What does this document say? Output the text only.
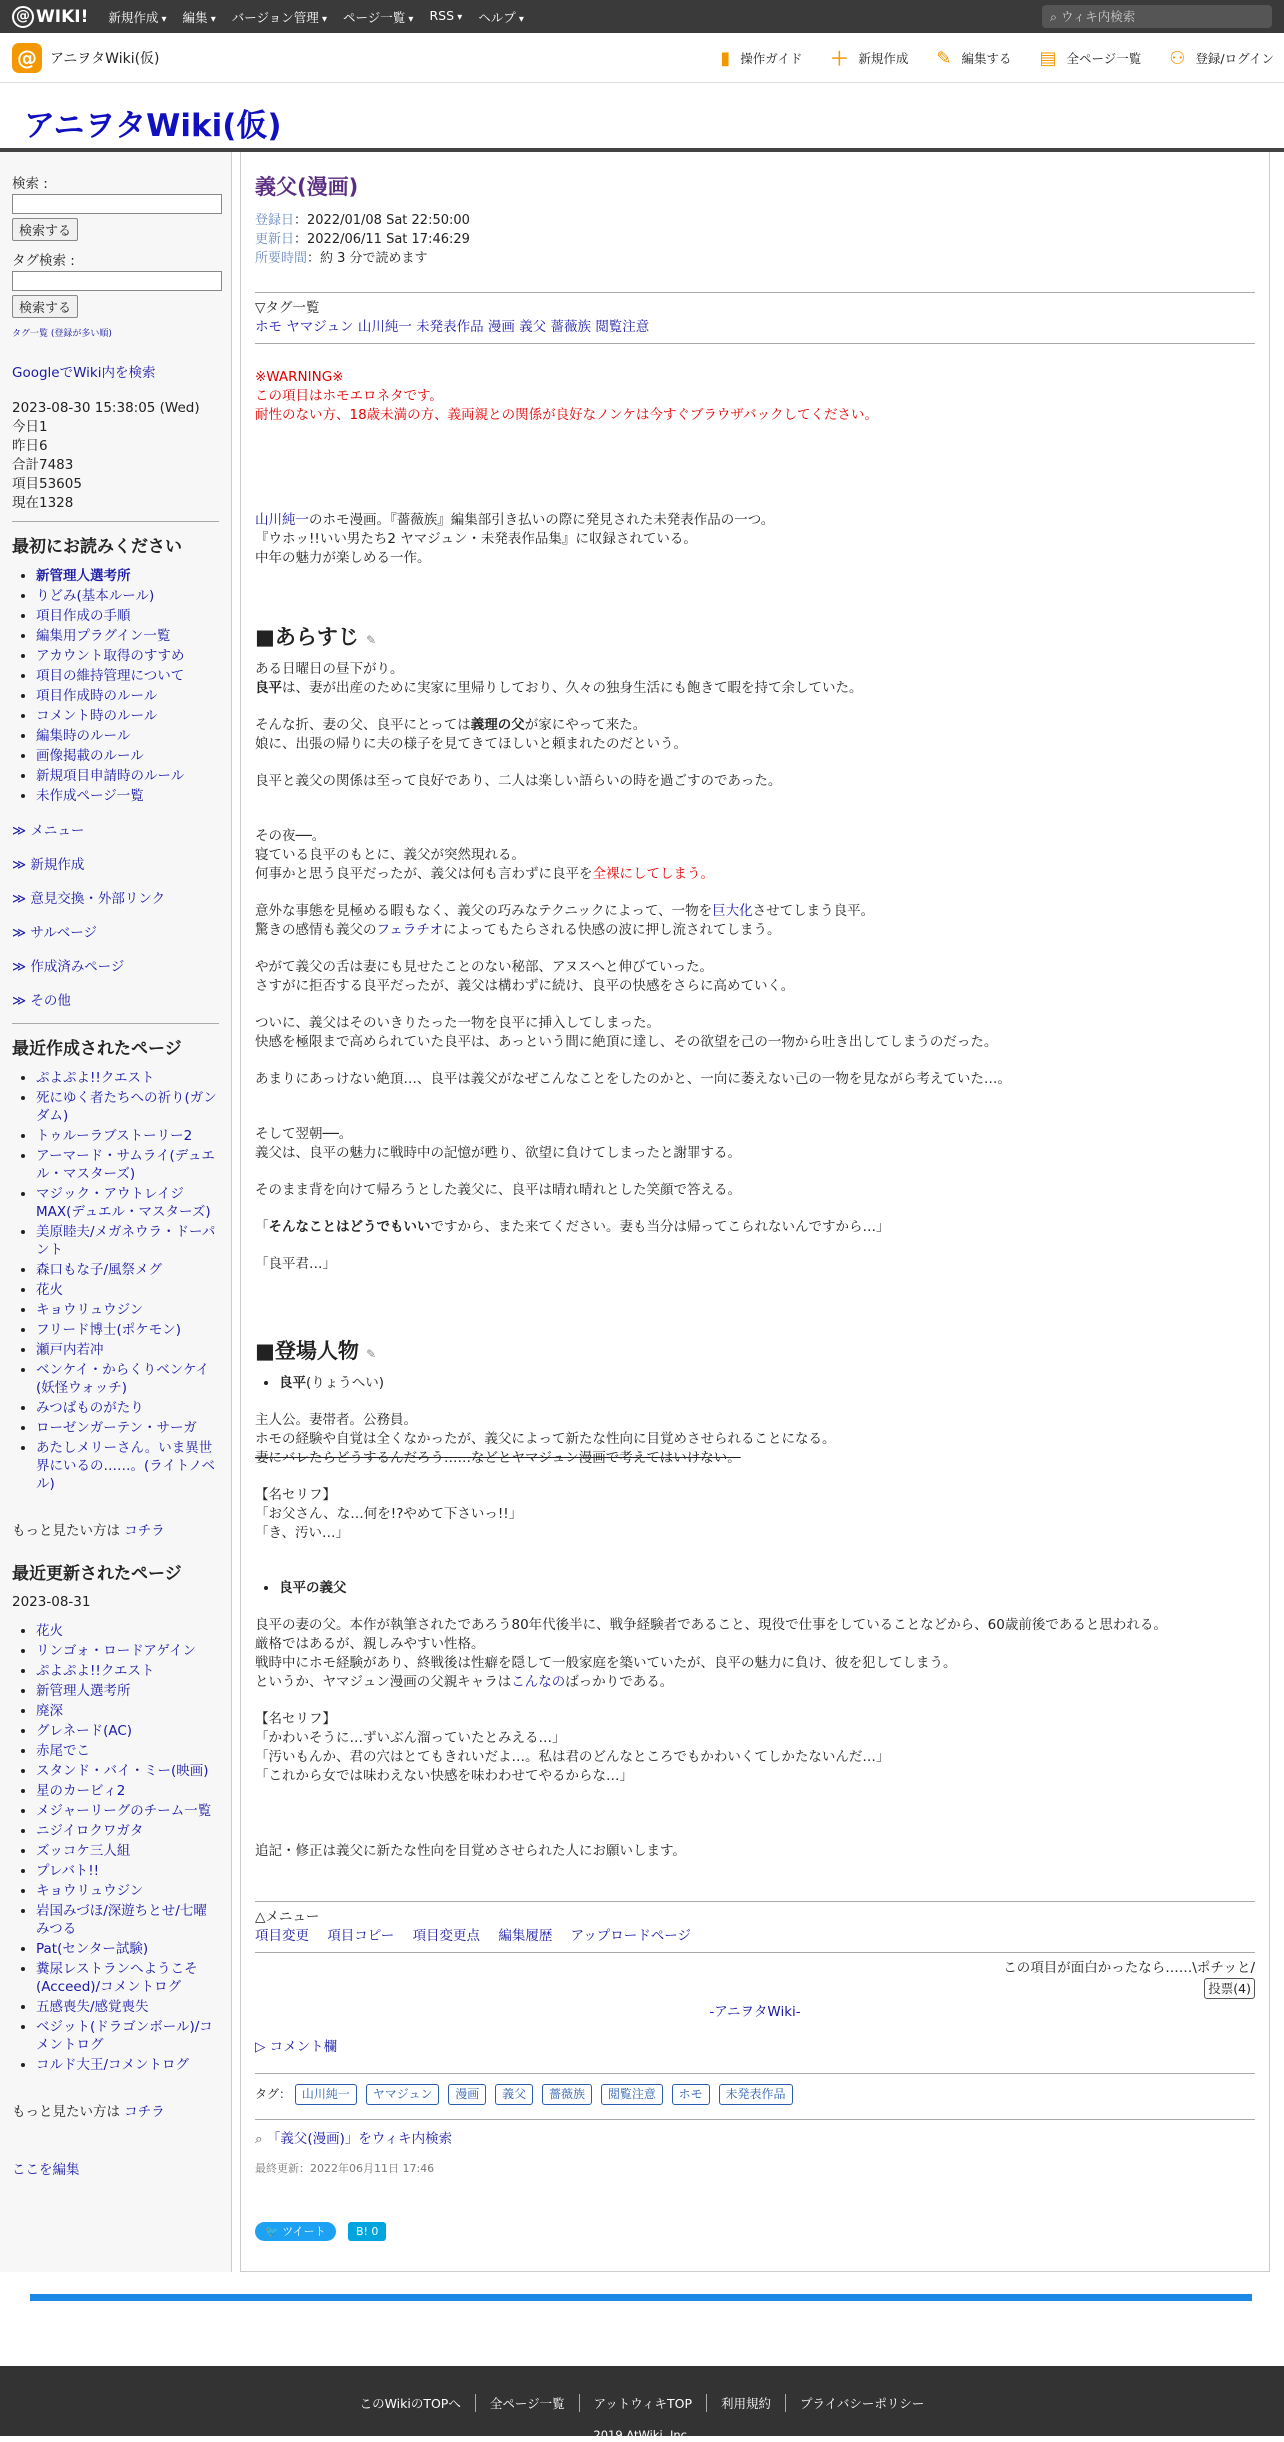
@ WIKI! 新規作成 ▾	編集 ▾	バージョン管理 ▾	ページ一覧 ▾	RSS ▾	ヘルプ ▾	⌕ ウィキ内検索
@ アニヲタWiki(仮)	▮ 操作ガイド ＋ 新規作成 ✎ 編集する ▤ 全ページ一覧 ⚇ 登録/ログイン
アニヲタWiki(仮)
検索 :
検索する
タグ検索 :
検索する
タグ一覧 (登録が多い順)
GoogleでWiki内を検索
2023-08-30 15:38:05 (Wed)
今日1
昨日6
合計7483
項目53605
現在1328
最初にお読みください
• 新管理人選考所
• りどみ(基本ルール)
• 項目作成の手順
• 編集用プラグイン一覧
• アカウント取得のすすめ
• 項目の維持管理について
• 項目作成時のルール
• コメント時のルール
• 編集時のルール
• 画像掲載のルール
• 新規項目申請時のルール
• 未作成ページ一覧
≫ メニュー
≫ 新規作成
≫ 意見交換・外部リンク
≫ サルベージ
≫ 作成済みページ
≫ その他
最近作成されたページ
• ぷよぷよ!!クエスト
• 死にゆく者たちへの祈り(ガンダム)
• トゥルーラブストーリー2
• アーマード・サムライ(デュエル・マスターズ)
• マジック・アウトレイジMAX(デュエル・マスターズ)
• 美原睦夫/メガネウラ・ドーパント
• 森口もな子/風祭メグ
• 花火
• キョウリュウジン
• フリード博士(ポケモン)
• 瀬戸内若冲
• ベンケイ・からくりベンケイ(妖怪ウォッチ)
• みつばものがたり
• ローゼンガーテン・サーガ
• あたしメリーさん。いま異世界にいるの……。(ライトノベル)
もっと見たい方は コチラ
最近更新されたページ
2023-08-31
• 花火
• リンゴォ・ロードアゲイン
• ぷよぷよ!!クエスト
• 新管理人選考所
• 廃深
• グレネード(AC)
• 赤尾でこ
• スタンド・バイ・ミー(映画)
• 星のカービィ2
• メジャーリーグのチーム一覧
• ニジイロクワガタ
• ズッコケ三人組
• プレバト!!
• キョウリュウジン
• 岩国みづほ/深遊ちとせ/七曜みつる
• Pat(センター試験)
• 糞尿レストランへようこそ(Acceed)/コメントログ
• 五感喪失/感覚喪失
• ベジット(ドラゴンボール)/コメントログ
• コルド大王/コメントログ
もっと見たい方は コチラ
ここを編集
義父(漫画)
登録日：2022/01/08 Sat 22:50:00
更新日：2022/06/11 Sat 17:46:29
所要時間：約 3 分で読めます
▽タグ一覧
ホモ ヤマジュン 山川純一 未発表作品 漫画 義父 薔薇族 閲覧注意
※WARNING※
この項目はホモエロネタです。
耐性のない方、18歳未満の方、義両親との関係が良好なノンケは今すぐブラウザバックしてください。
山川純一のホモ漫画。『薔薇族』編集部引き払いの際に発見された未発表作品の一つ。
『ウホッ!!いい男たち2 ヤマジュン・未発表作品集』に収録されている。
中年の魅力が楽しめる一作。
■あらすじ ✎
ある日曜日の昼下がり。
良平は、妻が出産のために実家に里帰りしており、久々の独身生活にも飽きて暇を持て余していた。
そんな折、妻の父、良平にとっては義理の父が家にやって来た。
娘に、出張の帰りに夫の様子を見てきてほしいと頼まれたのだという。
良平と義父の関係は至って良好であり、二人は楽しい語らいの時を過ごすのであった。
その夜──。
寝ている良平のもとに、義父が突然現れる。
何事かと思う良平だったが、義父は何も言わずに良平を全裸にしてしまう。
意外な事態を見極める暇もなく、義父の巧みなテクニックによって、一物を巨大化させてしまう良平。
驚きの感情も義父のフェラチオによってもたらされる快感の波に押し流されてしまう。
やがて義父の舌は妻にも見せたことのない秘部、アヌスへと伸びていった。
さすがに拒否する良平だったが、義父は構わずに続け、良平の快感をさらに高めていく。
ついに、義父はそのいきりたった一物を良平に挿入してしまった。
快感を極限まで高められていた良平は、あっという間に絶頂に達し、その欲望を己の一物から吐き出してしまうのだった。
あまりにあっけない絶頂…、良平は義父がなぜこんなことをしたのかと、一向に萎えない己の一物を見ながら考えていた…。
そして翌朝──。
義父は、良平の魅力に戦時中の記憶が甦り、欲望に負けてしまったと謝罪する。
そのまま背を向けて帰ろうとした義父に、良平は晴れ晴れとした笑顔で答える。
「そんなことはどうでもいいですから、また来てください。妻も当分は帰ってこられないんですから…」
「良平君…」
■登場人物 ✎
• 良平(りょうへい)
主人公。妻帯者。公務員。
ホモの経験や自覚は全くなかったが、義父によって新たな性向に目覚めさせられることになる。
妻にバレたらどうするんだろう……などとヤマジュン漫画で考えてはいけない。
【名セリフ】
「お父さん、な…何を!?やめて下さいっ!!」
「き、汚い…」
• 良平の義父
良平の妻の父。本作が執筆されたであろう80年代後半に、戦争経験者であること、現役で仕事をしていることなどから、60歳前後であると思われる。
厳格ではあるが、親しみやすい性格。
戦時中にホモ経験があり、終戦後は性癖を隠して一般家庭を築いていたが、良平の魅力に負け、彼を犯してしまう。
というか、ヤマジュン漫画の父親キャラはこんなのばっかりである。
【名セリフ】
「かわいそうに…ずいぶん溜っていたとみえる…」
「汚いもんか、君の穴はとてもきれいだよ…。私は君のどんなところでもかわいくてしかたないんだ…」
「これから女では味わえない快感を味わわせてやるからな…」
追記・修正は義父に新たな性向を目覚めさせられた人にお願いします。
△メニュー
項目変更 項目コピー 項目変更点 編集履歴 アップロードページ
この項目が面白かったなら……\ポチッと/
投票(4)
-アニヲタWiki-
▷ コメント欄
タグ： 山川純一 ヤマジュン 漫画 義父 薔薇族 閲覧注意 ホモ 未発表作品
⌕ 「義父(漫画)」をウィキ内検索
最終更新：2022年06月11日 17:46
🐦 ツイート	B! 0
このWikiのTOPへ	全ページ一覧	アットウィキTOP	利用規約	プライバシーポリシー
2019 AtWiki, Inc.
